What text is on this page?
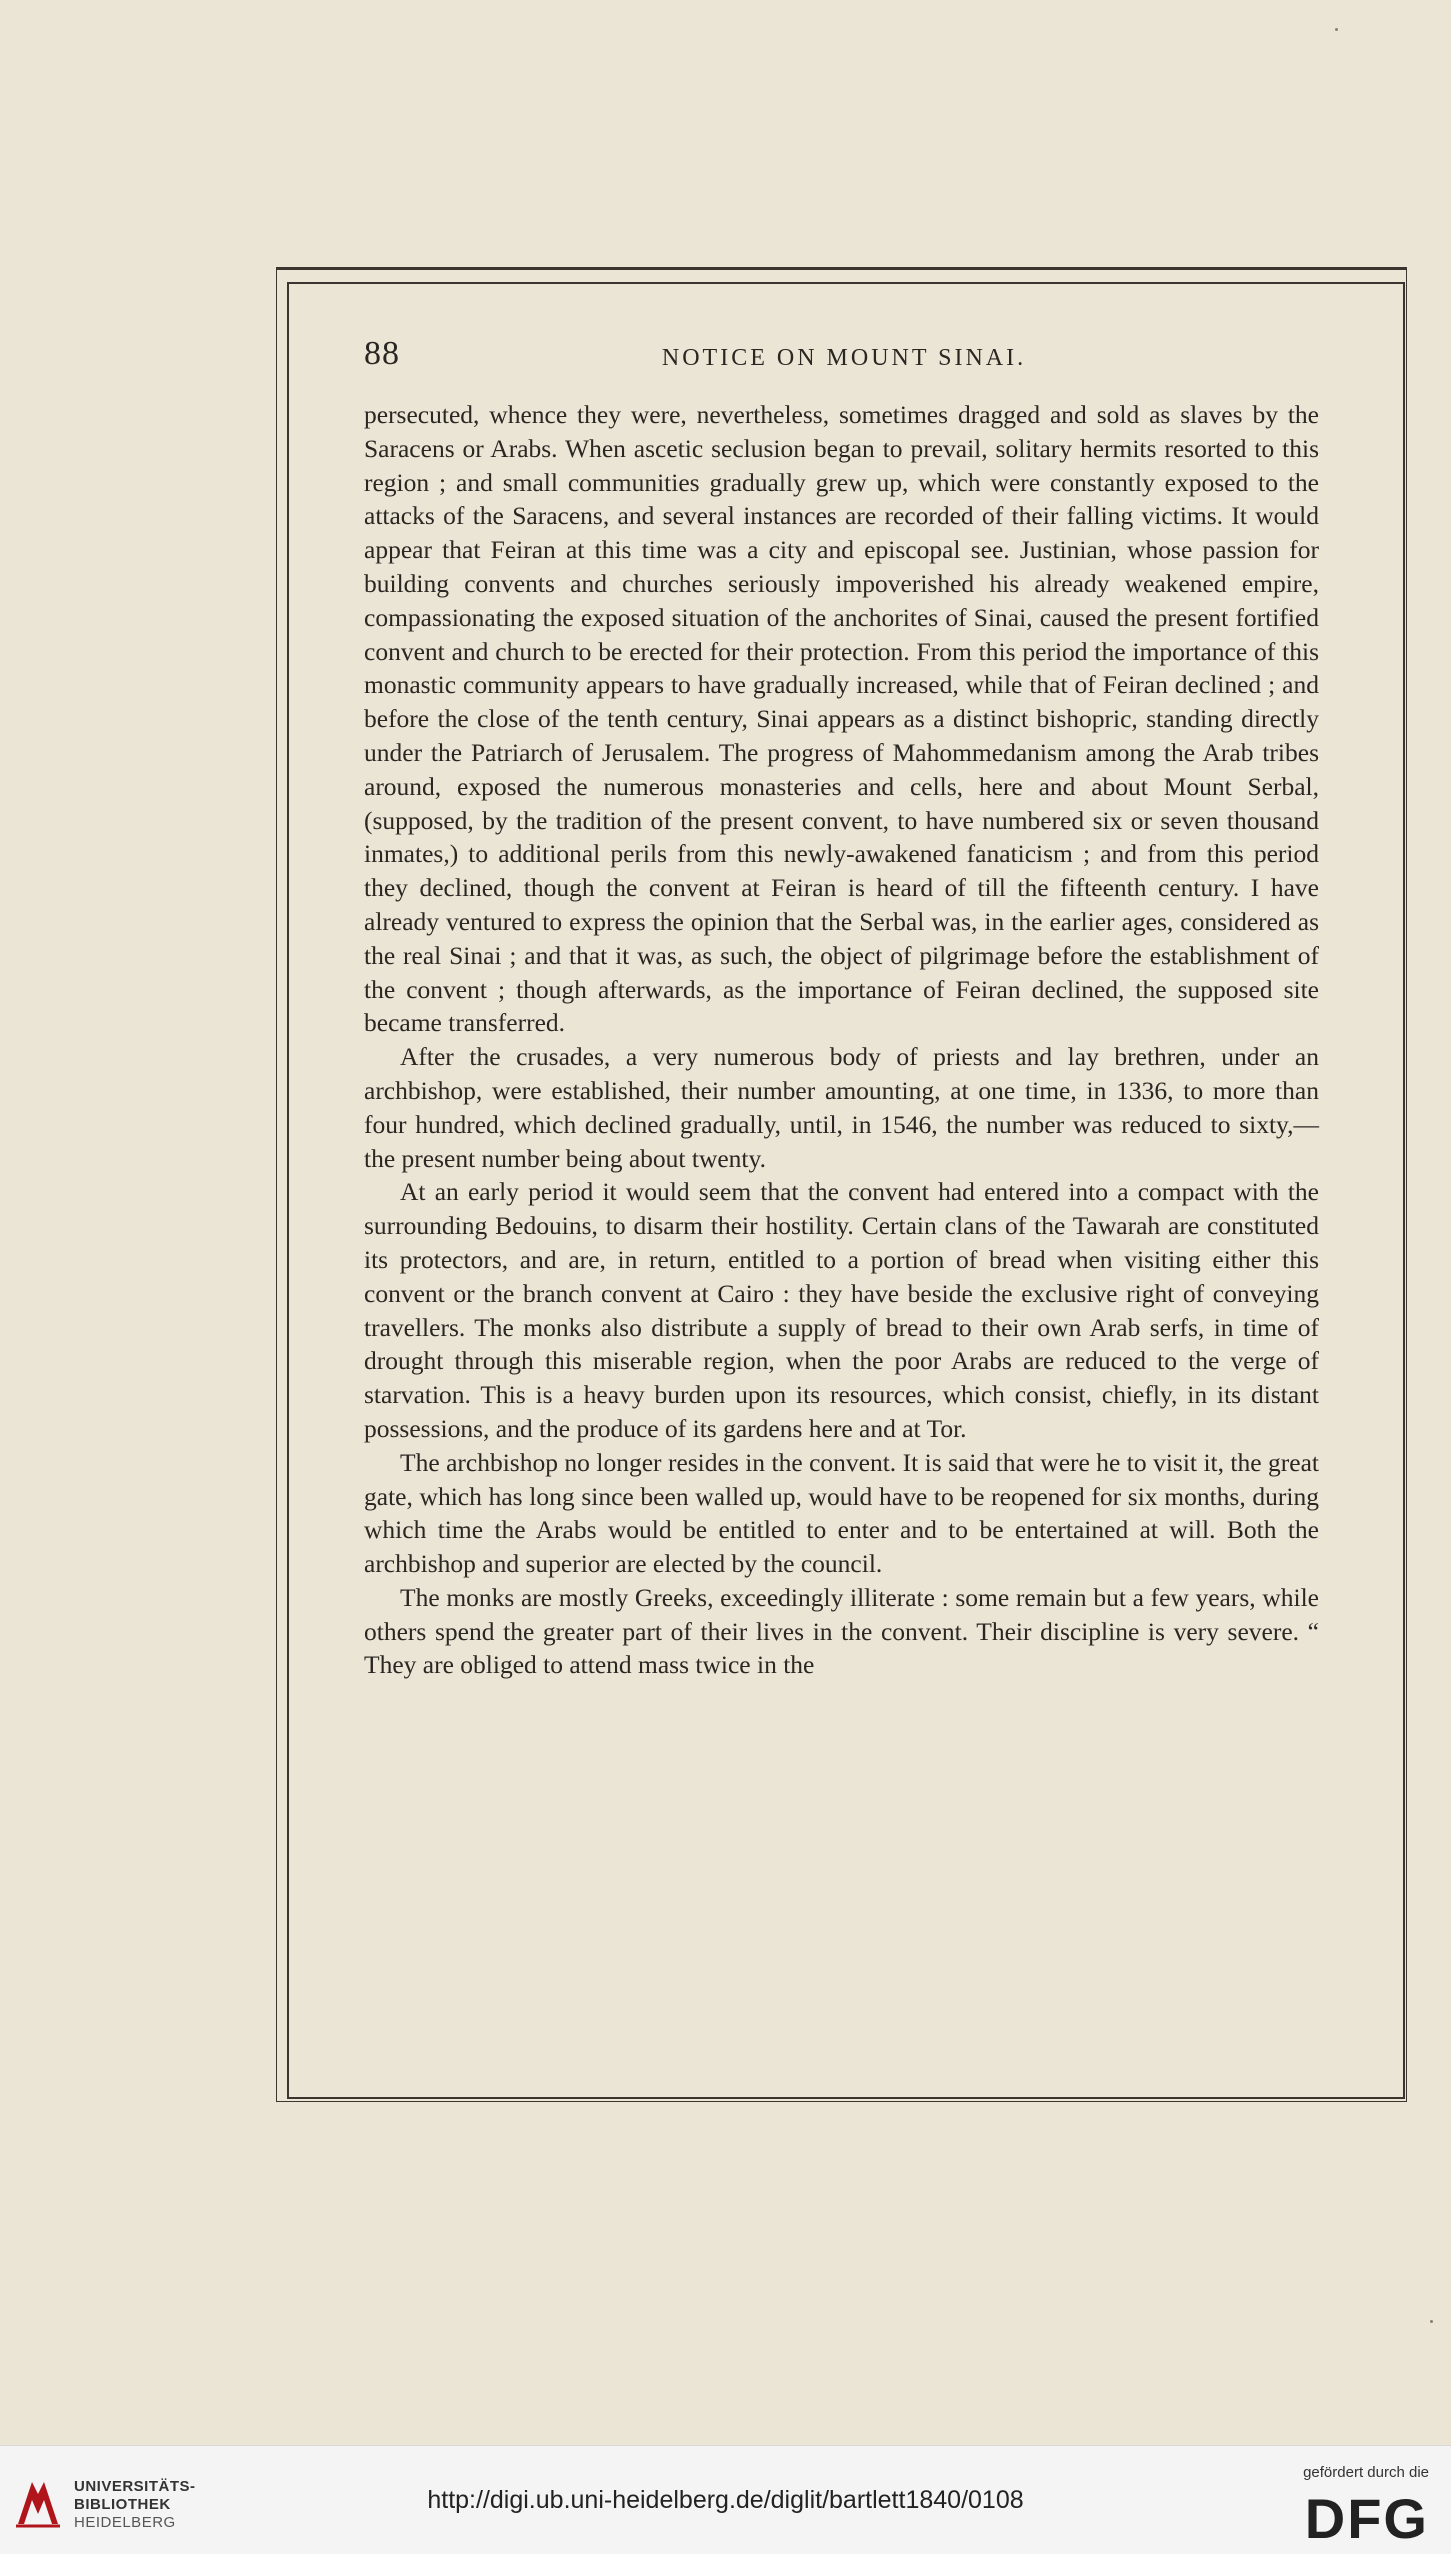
88	NOTICE ON MOUNT SINAI.

persecuted, whence they were, nevertheless, sometimes dragged and sold as slaves by the Saracens or Arabs. When ascetic seclusion began to prevail, solitary hermits resorted to this region ; and small communities gradually grew up, which were constantly exposed to the attacks of the Saracens, and several instances are recorded of their falling victims. It would appear that Feiran at this time was a city and episcopal see. Justinian, whose passion for building convents and churches seriously impoverished his already weakened empire, compassionating the exposed situation of the anchorites of Sinai, caused the present fortified convent and church to be erected for their protection. From this period the importance of this monastic community appears to have gradually increased, while that of Feiran declined ; and before the close of the tenth century, Sinai appears as a distinct bishopric, standing directly under the Patriarch of Jerusalem. The progress of Mahommedanism among the Arab tribes around, exposed the numerous monasteries and cells, here and about Mount Serbal, (supposed, by the tradition of the present convent, to have numbered six or seven thousand inmates,) to additional perils from this newly-awakened fanaticism ; and from this period they declined, though the convent at Feiran is heard of till the fifteenth century. I have already ventured to express the opinion that the Serbal was, in the earlier ages, considered as the real Sinai ; and that it was, as such, the object of pilgrimage before the establishment of the convent ; though afterwards, as the importance of Feiran declined, the supposed site became transferred.

After the crusades, a very numerous body of priests and lay brethren, under an archbishop, were established, their number amounting, at one time, in 1336, to more than four hundred, which declined gradually, until, in 1546, the number was reduced to sixty,—the present number being about twenty.

At an early period it would seem that the convent had entered into a compact with the surrounding Bedouins, to disarm their hostility. Certain clans of the Tawarah are constituted its protectors, and are, in return, entitled to a portion of bread when visiting either this convent or the branch convent at Cairo : they have beside the exclusive right of conveying travellers. The monks also distribute a supply of bread to their own Arab serfs, in time of drought through this miserable region, when the poor Arabs are reduced to the verge of starvation. This is a heavy burden upon its resources, which consist, chiefly, in its distant possessions, and the produce of its gardens here and at Tor.

The archbishop no longer resides in the convent. It is said that were he to visit it, the great gate, which has long since been walled up, would have to be reopened for six months, during which time the Arabs would be entitled to enter and to be entertained at will. Both the archbishop and superior are elected by the council.

The monks are mostly Greeks, exceedingly illiterate : some remain but a few years, while others spend the greater part of their lives in the convent. Their discipline is very severe. “ They are obliged to attend mass twice in the

UNIVERSITÄTS-
BIBLIOTHEK
HEIDELBERG
http://digi.ub.uni-heidelberg.de/diglit/bartlett1840/0108
gefördert durch die
DFG
